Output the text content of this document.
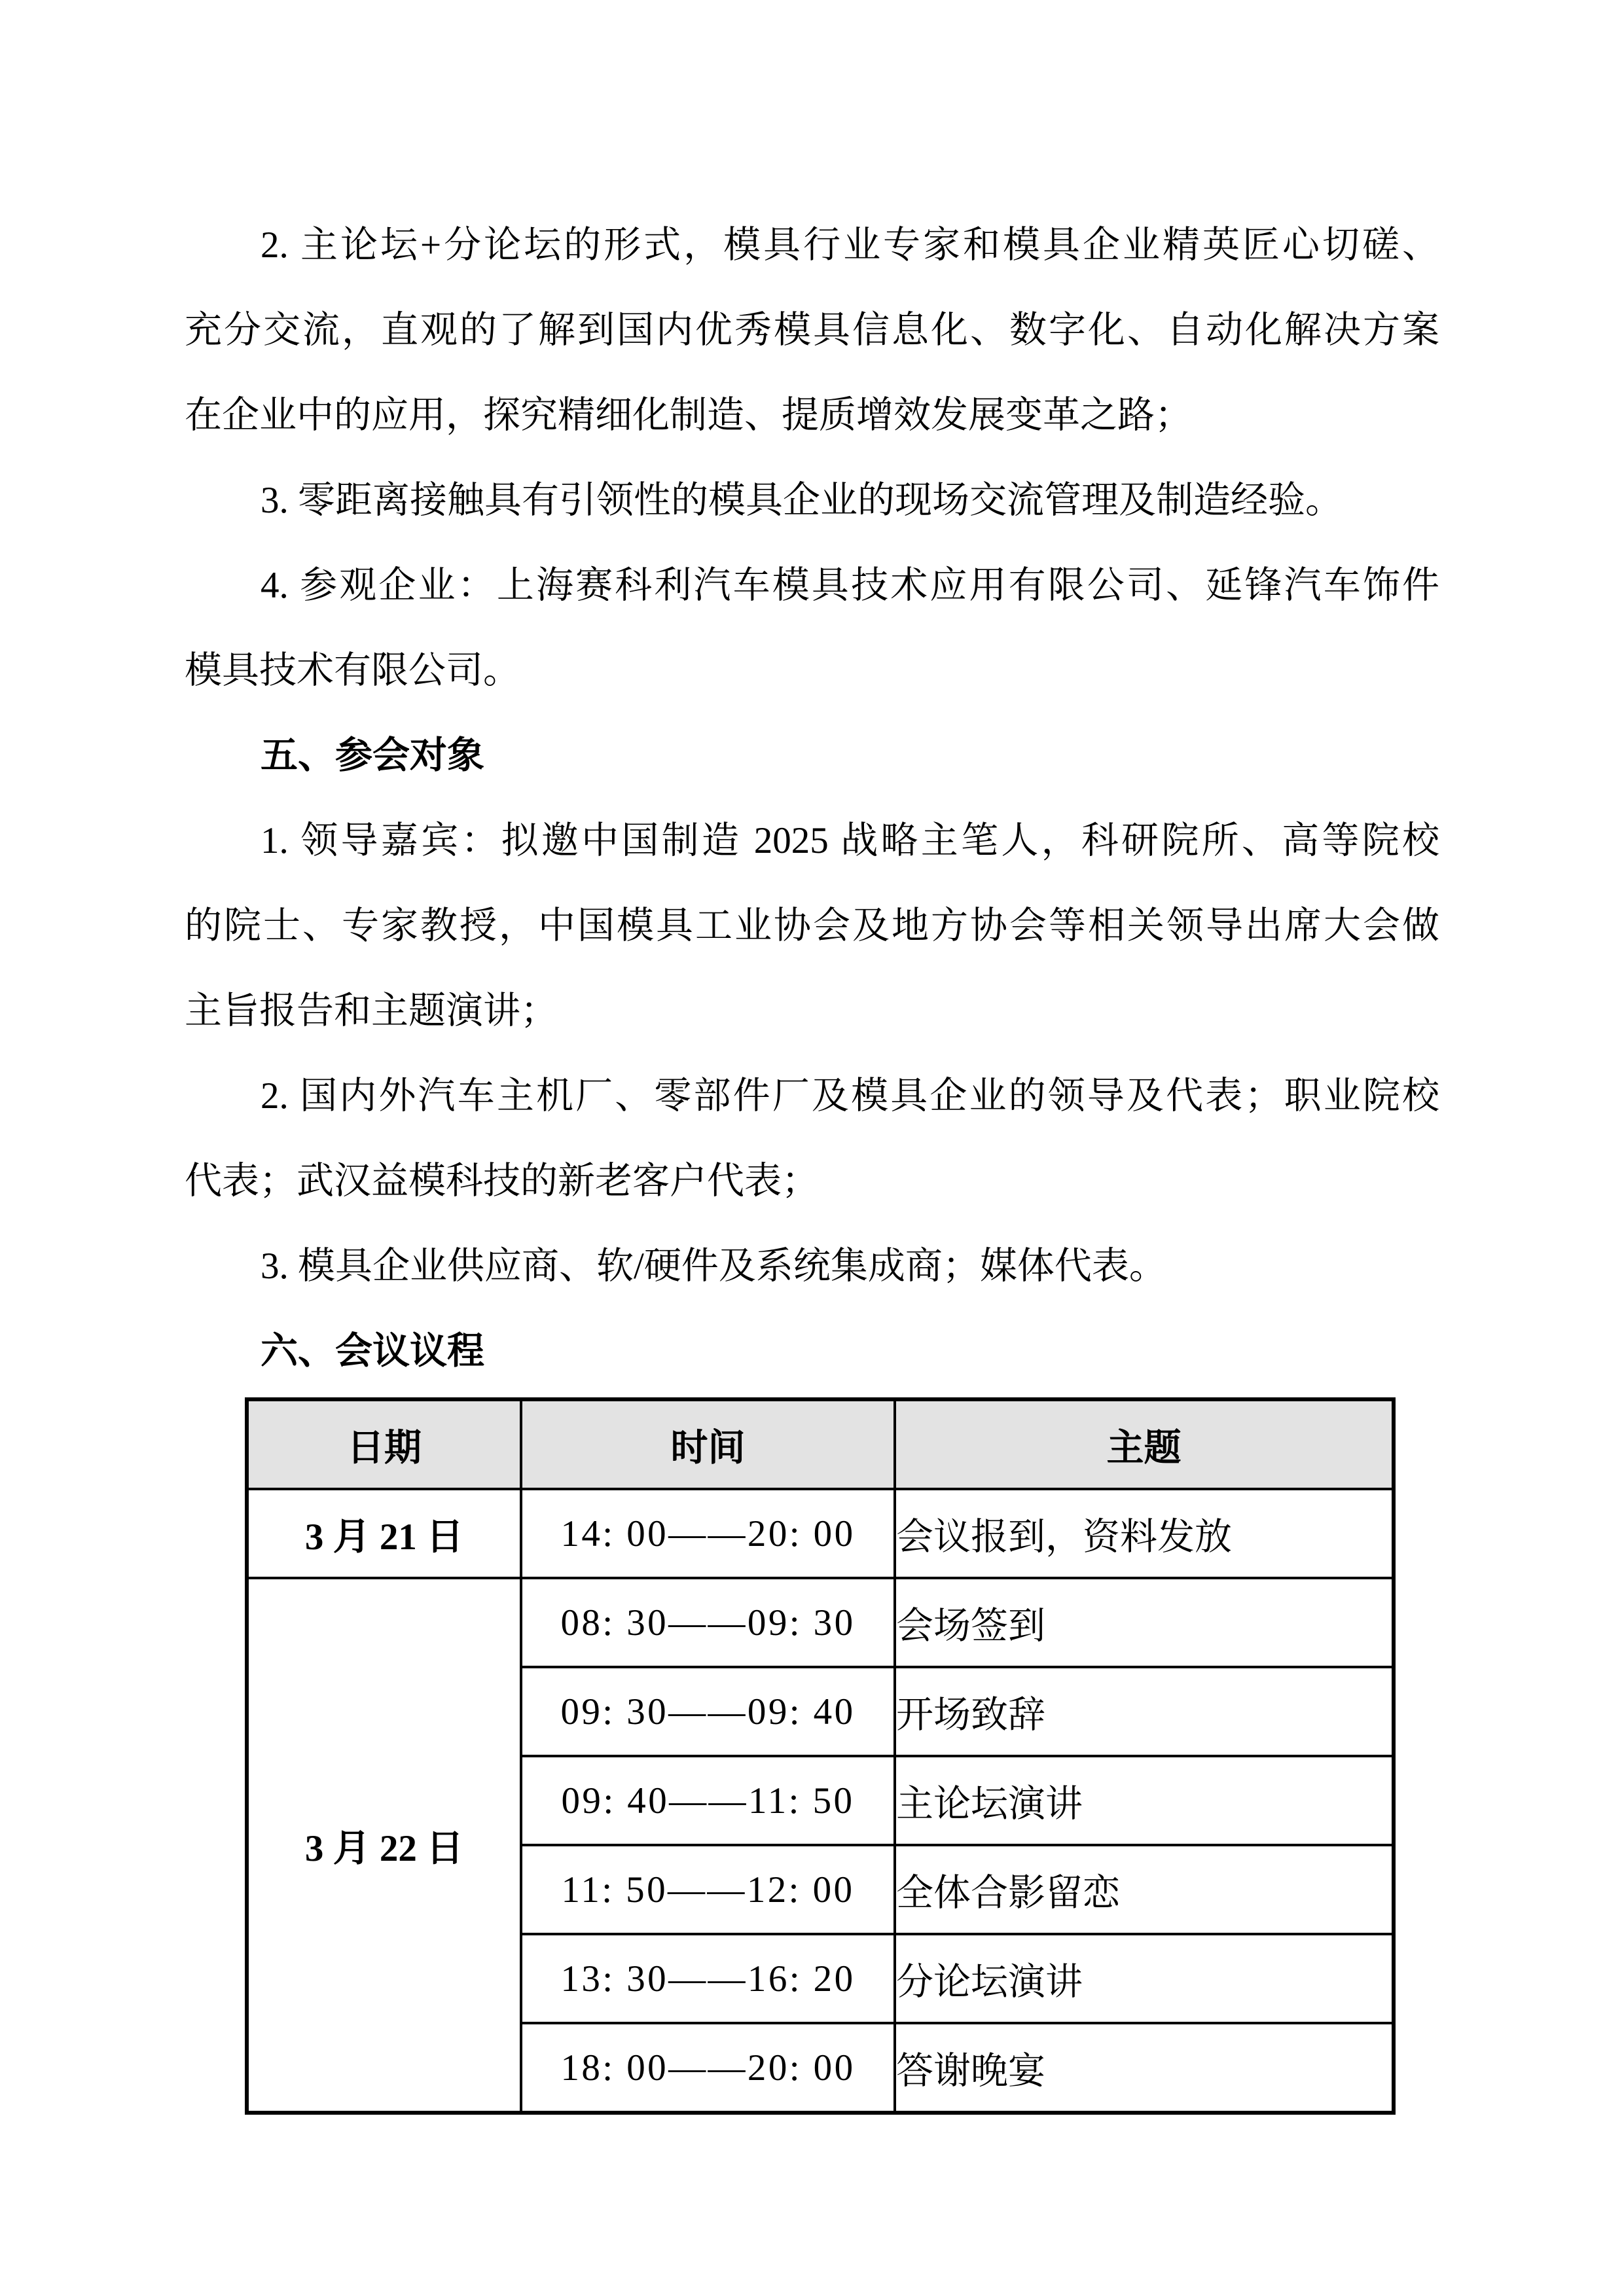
2. 主论坛+分论坛的形式，模具行业专家和模具企业精英匠心切磋、
充分交流，直观的了解到国内优秀模具信息化、数字化、自动化解决方案
在企业中的应用，探究精细化制造、提质增效发展变革之路；
3. 零距离接触具有引领性的模具企业的现场交流管理及制造经验。
4. 参观企业：上海赛科利汽车模具技术应用有限公司、延锋汽车饰件
模具技术有限公司。
五、参会对象
1. 领导嘉宾：拟邀中国制造 2025 战略主笔人，科研院所、高等院校
的院士、专家教授，中国模具工业协会及地方协会等相关领导出席大会做
主旨报告和主题演讲；
2. 国内外汽车主机厂、零部件厂及模具企业的领导及代表；职业院校
代表；武汉益模科技的新老客户代表；
3. 模具企业供应商、软/硬件及系统集成商；媒体代表。
六、会议议程
日期	时间	主题
3 月 21 日	14: 00——20: 00	会议报到，资料发放
3 月 22 日	08: 30——09: 30	会场签到
	09: 30——09: 40	开场致辞
	09: 40——11: 50	主论坛演讲
	11: 50——12: 00	全体合影留恋
	13: 30——16: 20	分论坛演讲
	18: 00——20: 00	答谢晚宴
